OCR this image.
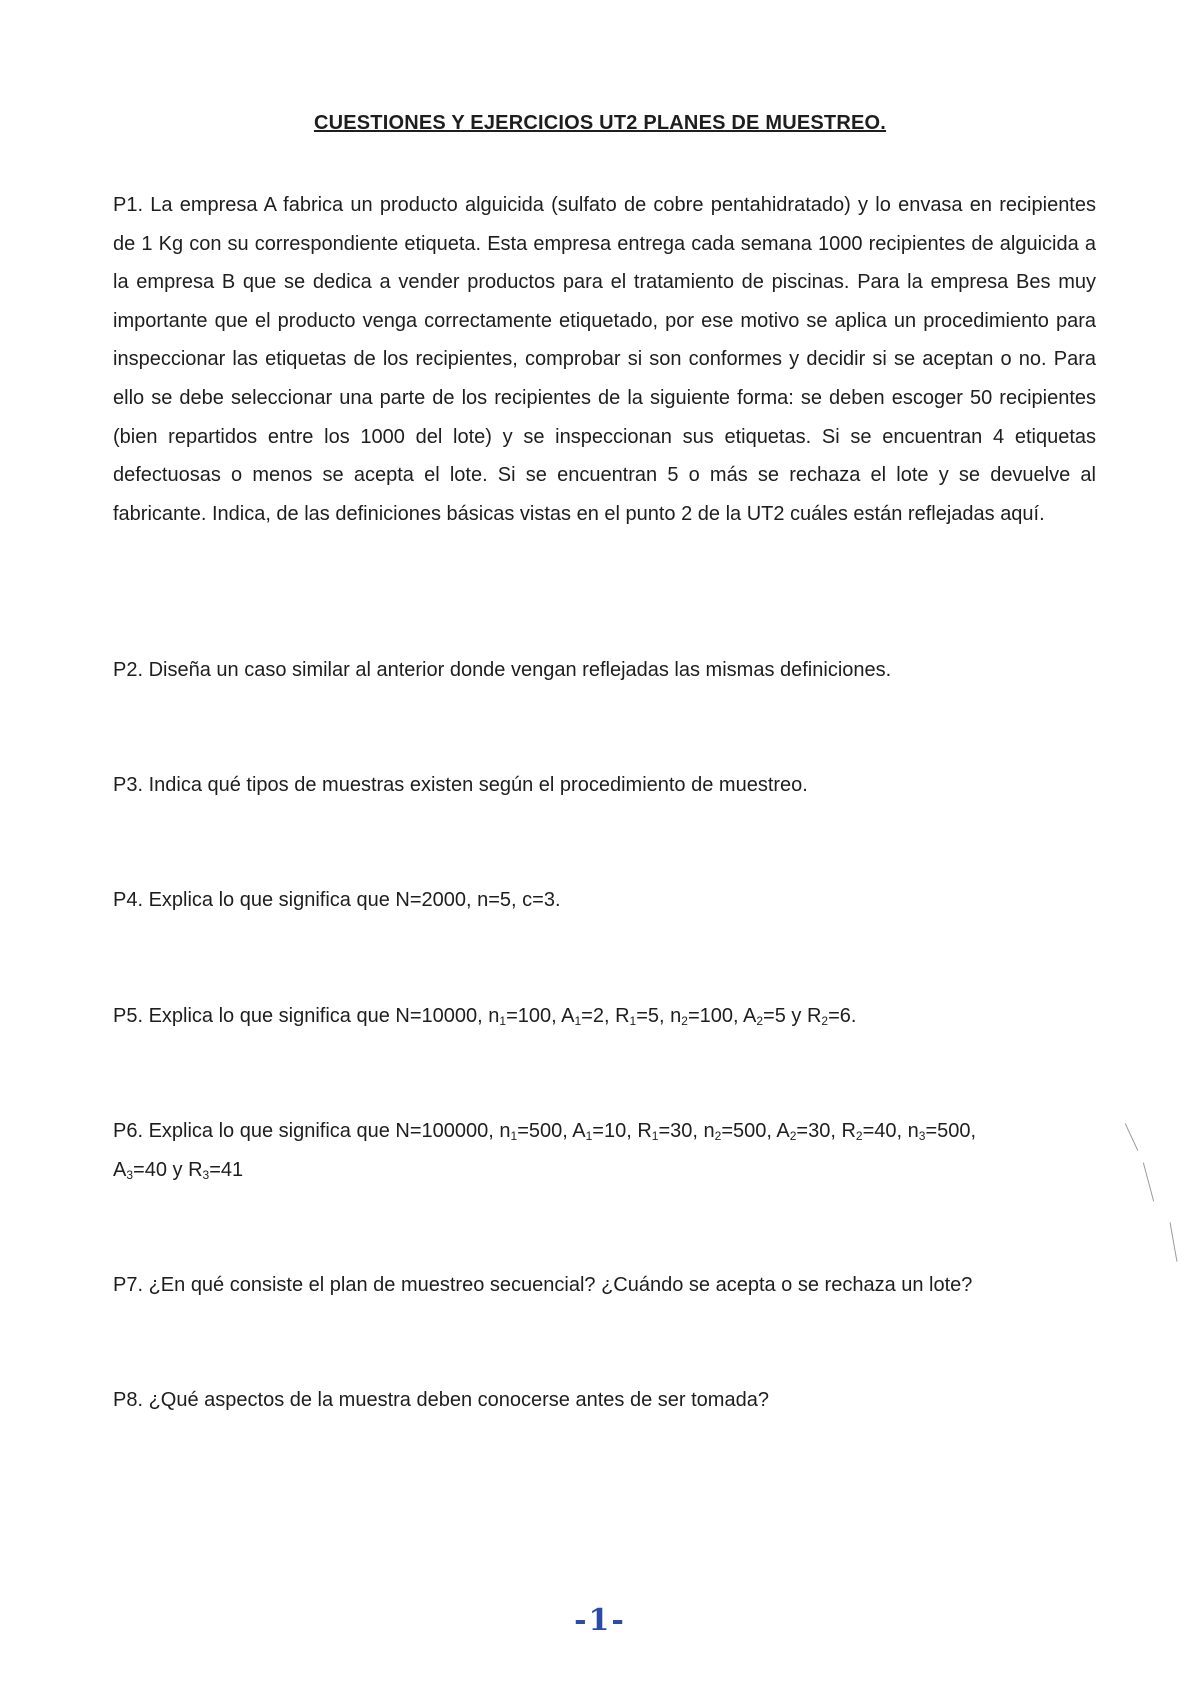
CUESTIONES Y EJERCICIOS UT2 PLANES DE MUESTREO.

P1. La empresa A fabrica un producto alguicida (sulfato de cobre pentahidratado) y lo envasa en recipientes de 1 Kg con su correspondiente etiqueta. Esta empresa entrega cada semana 1000 recipientes de alguicida a la empresa B que se dedica a vender productos para el tratamiento de piscinas. Para la empresa Bes muy importante que el producto venga correctamente etiquetado, por ese motivo se aplica un procedimiento para inspeccionar las etiquetas de los recipientes, comprobar si son conformes y decidir si se aceptan o no. Para ello se debe seleccionar una parte de los recipientes de la siguiente forma: se deben escoger 50 recipientes (bien repartidos entre los 1000 del lote) y se inspeccionan sus etiquetas. Si se encuentran 4 etiquetas defectuosas o menos se acepta el lote. Si se encuentran 5 o más se rechaza el lote y se devuelve al fabricante. Indica, de las definiciones básicas vistas en el punto 2 de la UT2 cuáles están reflejadas aquí.

P2. Diseña un caso similar al anterior donde vengan reflejadas las mismas definiciones.
P3. Indica qué tipos de muestras existen según el procedimiento de muestreo.
P4. Explica lo que significa que N=2000, n=5, c=3.
P5. Explica lo que significa que N=10000, $n_1=100$, $A_1=2$, $R_1=5$, $n_2=100$, $A_2=5$ y $R_2=6$.
P6. Explica lo que significa que N=100000, $n_1=500$, $A_1=10$, $R_1=30$, $n_2=500$, $A_2=30$, $R_2=40$, $n_3=500$,
$A_3=40$ y $R_3=41$
P7. ¿En qué consiste el plan de muestreo secuencial? ¿Cuándo se acepta o se rechaza un lote?
P8. ¿Qué aspectos de la muestra deben conocerse antes de ser tomada?
-1-
